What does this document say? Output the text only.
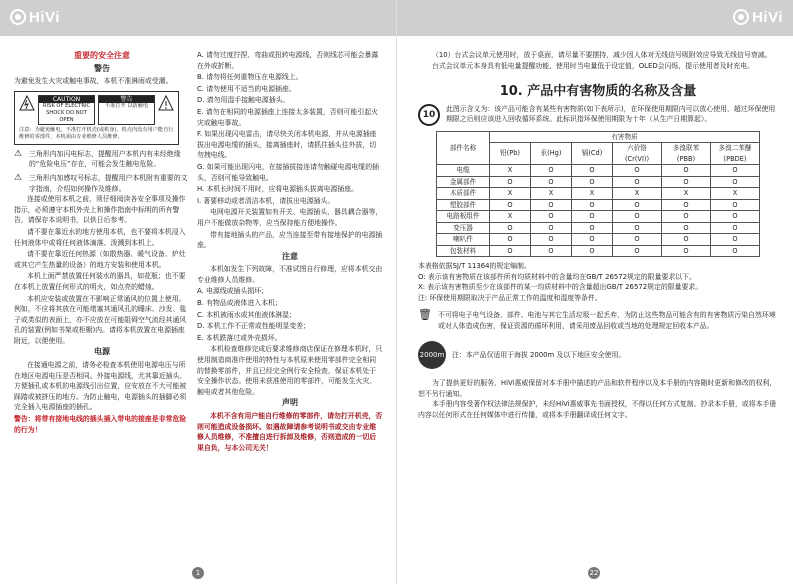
HiVi
重要的安全注意
警告

为避免发生火灾或触电事故，本机不准淋雨或受潮。

CAUTION
RISK OF ELECTRIC SHOCK DO NOT OPEN
警告
不准打开 以防触电
注意：为避免触电，不准打开机壳(或机身)，机壳内没有用户能自行维修的零部件，本机须由专业维修人员维修。
⚠	三角形内加闪电标志，提醒用户本机内有未经绝缘的“危险电压”存在，可能会发生触电危险。
⚠	三角形内加感叹号标志，提醒用户本机附有重要的文字指南，介绍如何操作及维修。

连接或使用本机之前，须仔细阅读各安全事项及操作指示，必须遵守本机外壳上和操作指南中标明的所有警告，请保存本说明书，以供日后参考。

请不要在靠近水的地方使用本机，也不要将本机浸入任何液体中或将任何液体滴落、泼溅到本机上。

请不要在靠近任何热源（如散热器、暖气设备、炉灶或其它产生热量的设备）的地方安装和使用本机。

本机上面严禁放置任何装水的器具，如花瓶；也不要在本机上放置任何形式的明火，如点亮的蜡烛。

本机应安装或放置在不影响正常通风的位置上使用。例如，不应将其放在可能堵塞其通风孔的睡床、沙发、毯子或类似的表面上，亦不应放在可能阻碍空气流经其通风孔的装置(例如书架或柜橱)内。请将本机放置在电源插座附近，以便使用。

电源

在接通电源之前，请务必检查本机使用电源电压与所在地区电源电压是否相同。外接电源线，尤其靠近插头、方便插孔或本机的电源线引出位置，应安放在不大可能被踩踏或被挤压的地方。为防止触电，电源插头的插脚必须完全插入电源插座的插孔。

警告：将带有接地电线的插头插入带电的接座是非常危险的行为！

A. 请勿过度拧捏、弯曲或扭转电源线，否则线芯可能会暴露在外或折断。

B. 请勿将任何重物压在电源线上。

C. 请勿使用不适当的电源插座。

D. 请勿用湿手接触电源插头。

E. 请勿在相同的电源插座上连接太多装置，否则可能引起火灾或触电事故。

F. 如果出现闪电雷击，请尽快关闭本机电源，并从电源插座拔出电源电缆的插头，接离插座时，请抓住插头往外拔，切勿拽电线。

G. 如果可能出现闪电，在接插拔接连请勿触碰电源电缆的插头，否则可能导致触电。

H. 本机长时间不用时，应将电源插头拔离电源插座。

I. 著要移动或者清洁本机，请拔出电源插头。

电网电源开关装置如有开关、电源插头，器具耦合器等，用户不能做放杂物等，应当保持能方便地操作。

带有接地插头的产品，应当连接至带有接地保护的电源插座。

注意

本机如发生下列故障，不准试图自行修理，应将本机交由专业维修人员维修。

A. 电源线或插头损坏；

B. 有物品或液体进入本机；

C. 本机被雨水或其他液体淋湿；

D. 本机工作不正常或性能明显变差；

E. 本机跌落过或外壳损坏。

本机检查维修完成后要求维修商店保证在修理本机时，只使用制造商准许使用的特性与本机原来使用零部件完全相同的替换零部件，并且已经完全例行安全检查，保证本机处于安全操作状态。使用未获准使用的零部件，可能发生火灾、触电或者其他危险。

声明

本机不含有用户能自行维修的零部件，请勿打开机壳，否则可能造成设备损坏。如遇故障请参考说明书或交由专业维修人员维修，不准擅自进行拆卸及维修，否则造成的一切后果自负，与本公司无关！

1
HiVi
22

（10）台式会议单元使用时，放于桌面，请尽量不要摆持，减少因人体对无线信号吸附效应导致无线信号衰减。

台式会议单元本身具有低电量提醒功能，使用时当电量低于设定值，OLED会闪烁，提示使用者及时充电。

10. 产品中有害物质的名称及含量
10
此图示含义为：该产品可能含有某些有害物质(如下表所示)，在环保使用期限内可以放心使用，超过环保使用期限之后则应该进入回收循环系统。此标识指环保使用期限为十年（从生产日期算起）。
部件名称	有害物质					
	铅(Pb)	汞(Hg)	镉(Cd)	六价铬 (Cr(VI))	多溴联苯 (PBB)	多溴二苯醚 (PBDE)
电缆	X	O	O	O	O	O
金属部件	O	O	O	O	O	O
木质部件	X	X	X	X	X	X
塑胶部件	O	O	O	O	O	O
电路板组件	X	O	O	O	O	O
变压器	O	O	O	O	O	O
喇叭件	O	O	O	O	O	O
包装材料	O	O	O	O	O	O

本表格依据SJ/T 11364的规定编制。

O: 表示该有害物质在该部件所有均质材料中的含量均在GB/T 26572规定的限量要求以下。

X: 表示该有害物质至少在该部件的某一均质材料中的含量超出GB/T 26572规定的限量要求。

注: 环保使用期限取决于产品正常工作的温度和湿度等条件。

🗑 不可将电子电气设备、部件、电池与其它生活垃圾一起丢弃，为防止这些物品可能含有的有害物质污染自然环境或对人体造成伤害，保证资源的循环利用，请采用废品回收或当地的处理规定回收本产品。
2000m 注：本产品仅适用于海拔 2000m 及以下地区安全使用。

为了提供更好的服务，HiVi惠威保留对本手册中描述的产品和软件程序以及本手册的内容随时更新和修改的权利，恕不另行通知。

本手册内容受著作权法律法规保护，未经HiVi惠威事先书面授权，不得以任何方式复制、抄录本手册，或将本手册内容以任何形式在任何媒体中进行传播，或将本手册翻译成任何文字。
